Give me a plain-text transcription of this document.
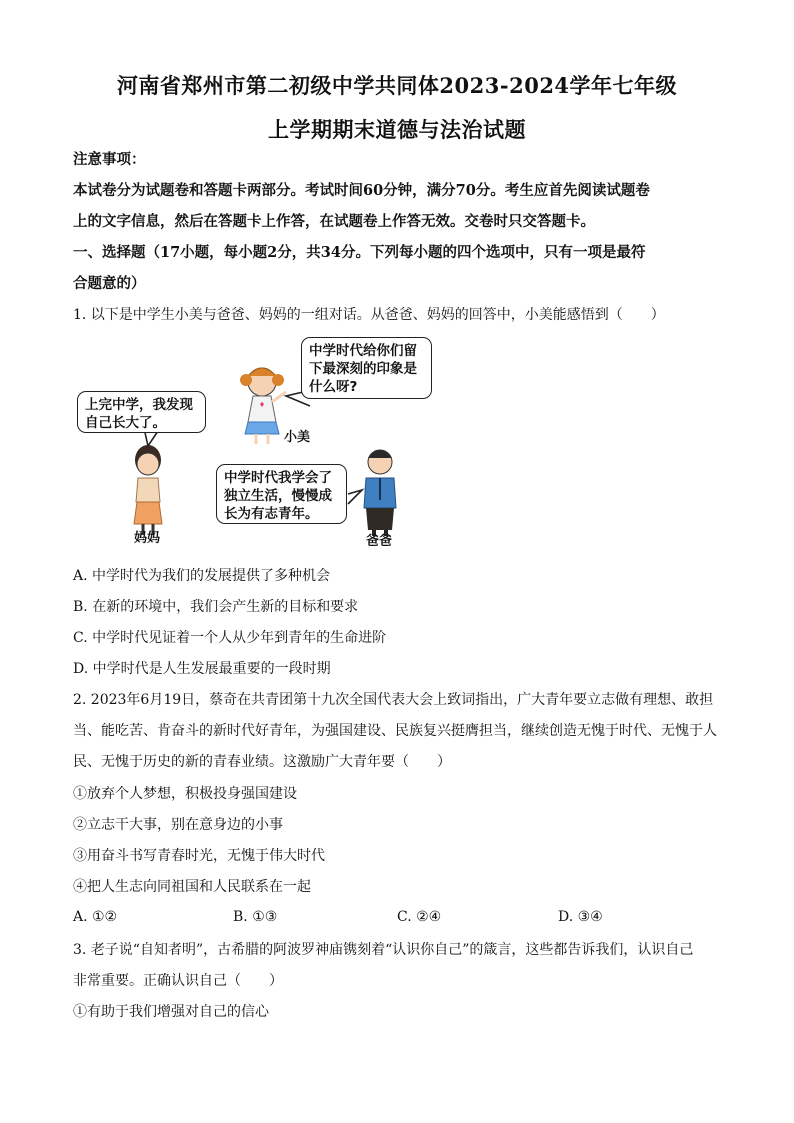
河南省郑州市第二初级中学共同体2023-2024学年七年级
上学期期末道德与法治试题
注意事项：
本试卷分为试题卷和答题卡两部分。考试时间60分钟，满分70分。考生应首先阅读试题卷
上的文字信息，然后在答题卡上作答，在试题卷上作答无效。交卷时只交答题卡。
一、选择题（17小题，每小题2分，共34分。下列每小题的四个选项中，只有一项是最符
合题意的）
1. 以下是中学生小美与爸爸、妈妈的一组对话。从爸爸、妈妈的回答中，小美能感悟到（　　）
中学时代给你们留
下最深刻的印象是
什么呀?
上完中学，我发现
自己长大了。
中学时代我学会了
独立生活，慢慢成
长为有志青年。
小美
妈妈	爸爸
A. 中学时代为我们的发展提供了多种机会
B. 在新的环境中，我们会产生新的目标和要求
C. 中学时代见证着一个人从少年到青年的生命进阶
D. 中学时代是人生发展最重要的一段时期
2. 2023年6月19日，蔡奇在共青团第十九次全国代表大会上致词指出，广大青年要立志做有理想、敢担
当、能吃苦、肯奋斗的新时代好青年，为强国建设、民族复兴挺膺担当，继续创造无愧于时代、无愧于人
民、无愧于历史的新的青春业绩。这激励广大青年要（　　）
①放弃个人梦想，积极投身强国建设
②立志干大事，别在意身边的小事
③用奋斗书写青春时光，无愧于伟大时代
④把人生志向同祖国和人民联系在一起
A. ①②	B. ①③	C. ②④	D. ③④
3. 老子说“自知者明”，古希腊的阿波罗神庙镌刻着“认识你自己”的箴言，这些都告诉我们，认识自己
非常重要。正确认识自己（　　）
①有助于我们增强对自己的信心
